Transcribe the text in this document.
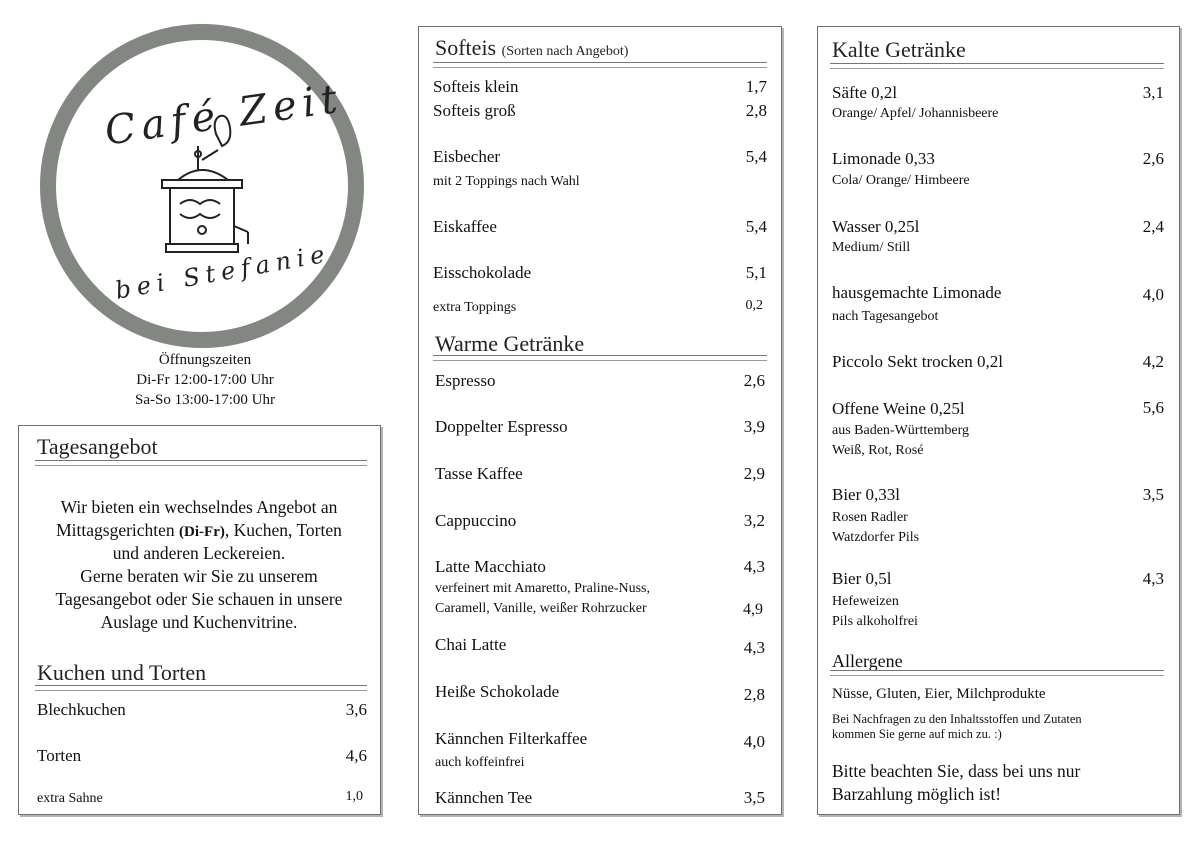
Café Zeit
bei Stefanie
Öffnungszeiten
Di-Fr 12:00-17:00 Uhr
Sa-So 13:00-17:00 Uhr
Tagesangebot
Wir bieten ein wechselndes Angebot an
Mittagsgerichten (Di-Fr), Kuchen, Torten
und anderen Leckereien.
Gerne beraten wir Sie zu unserem
Tagesangebot oder Sie schauen in unsere
Auslage und Kuchenvitrine.
Kuchen und Torten
Blechkuchen	3,6
Torten	4,6
extra Sahne	1,0
Softeis (Sorten nach Angebot)
Softeis klein	1,7
Softeis groß	2,8
Eisbecher	5,4
mit 2 Toppings nach Wahl
Eiskaffee	5,4
Eisschokolade	5,1
extra Toppings	0,2
Warme Getränke
Espresso	2,6
Doppelter Espresso	3,9
Tasse Kaffee	2,9
Cappuccino	3,2
Latte Macchiato	4,3
verfeinert mit Amaretto, Praline-Nuss,
Caramell, Vanille, weißer Rohrzucker	4,9
Chai Latte	4,3
Heiße Schokolade	2,8
Kännchen Filterkaffee	4,0
auch koffeinfrei
Kännchen Tee	3,5
Kalte Getränke
Säfte 0,2l	3,1
Orange/ Apfel/ Johannisbeere
Limonade 0,33	2,6
Cola/ Orange/ Himbeere
Wasser 0,25l	2,4
Medium/ Still
hausgemachte Limonade	4,0
nach Tagesangebot
Piccolo Sekt trocken 0,2l	4,2
Offene Weine 0,25l	5,6
aus Baden-Württemberg
Weiß, Rot, Rosé
Bier 0,33l	3,5
Rosen Radler
Watzdorfer Pils
Bier 0,5l	4,3
Hefeweizen
Pils alkoholfrei
Allergene
Nüsse, Gluten, Eier, Milchprodukte
Bei Nachfragen zu den Inhaltsstoffen und Zutaten
kommen Sie gerne auf mich zu. :)
Bitte beachten Sie, dass bei uns nur
Barzahlung möglich ist!
